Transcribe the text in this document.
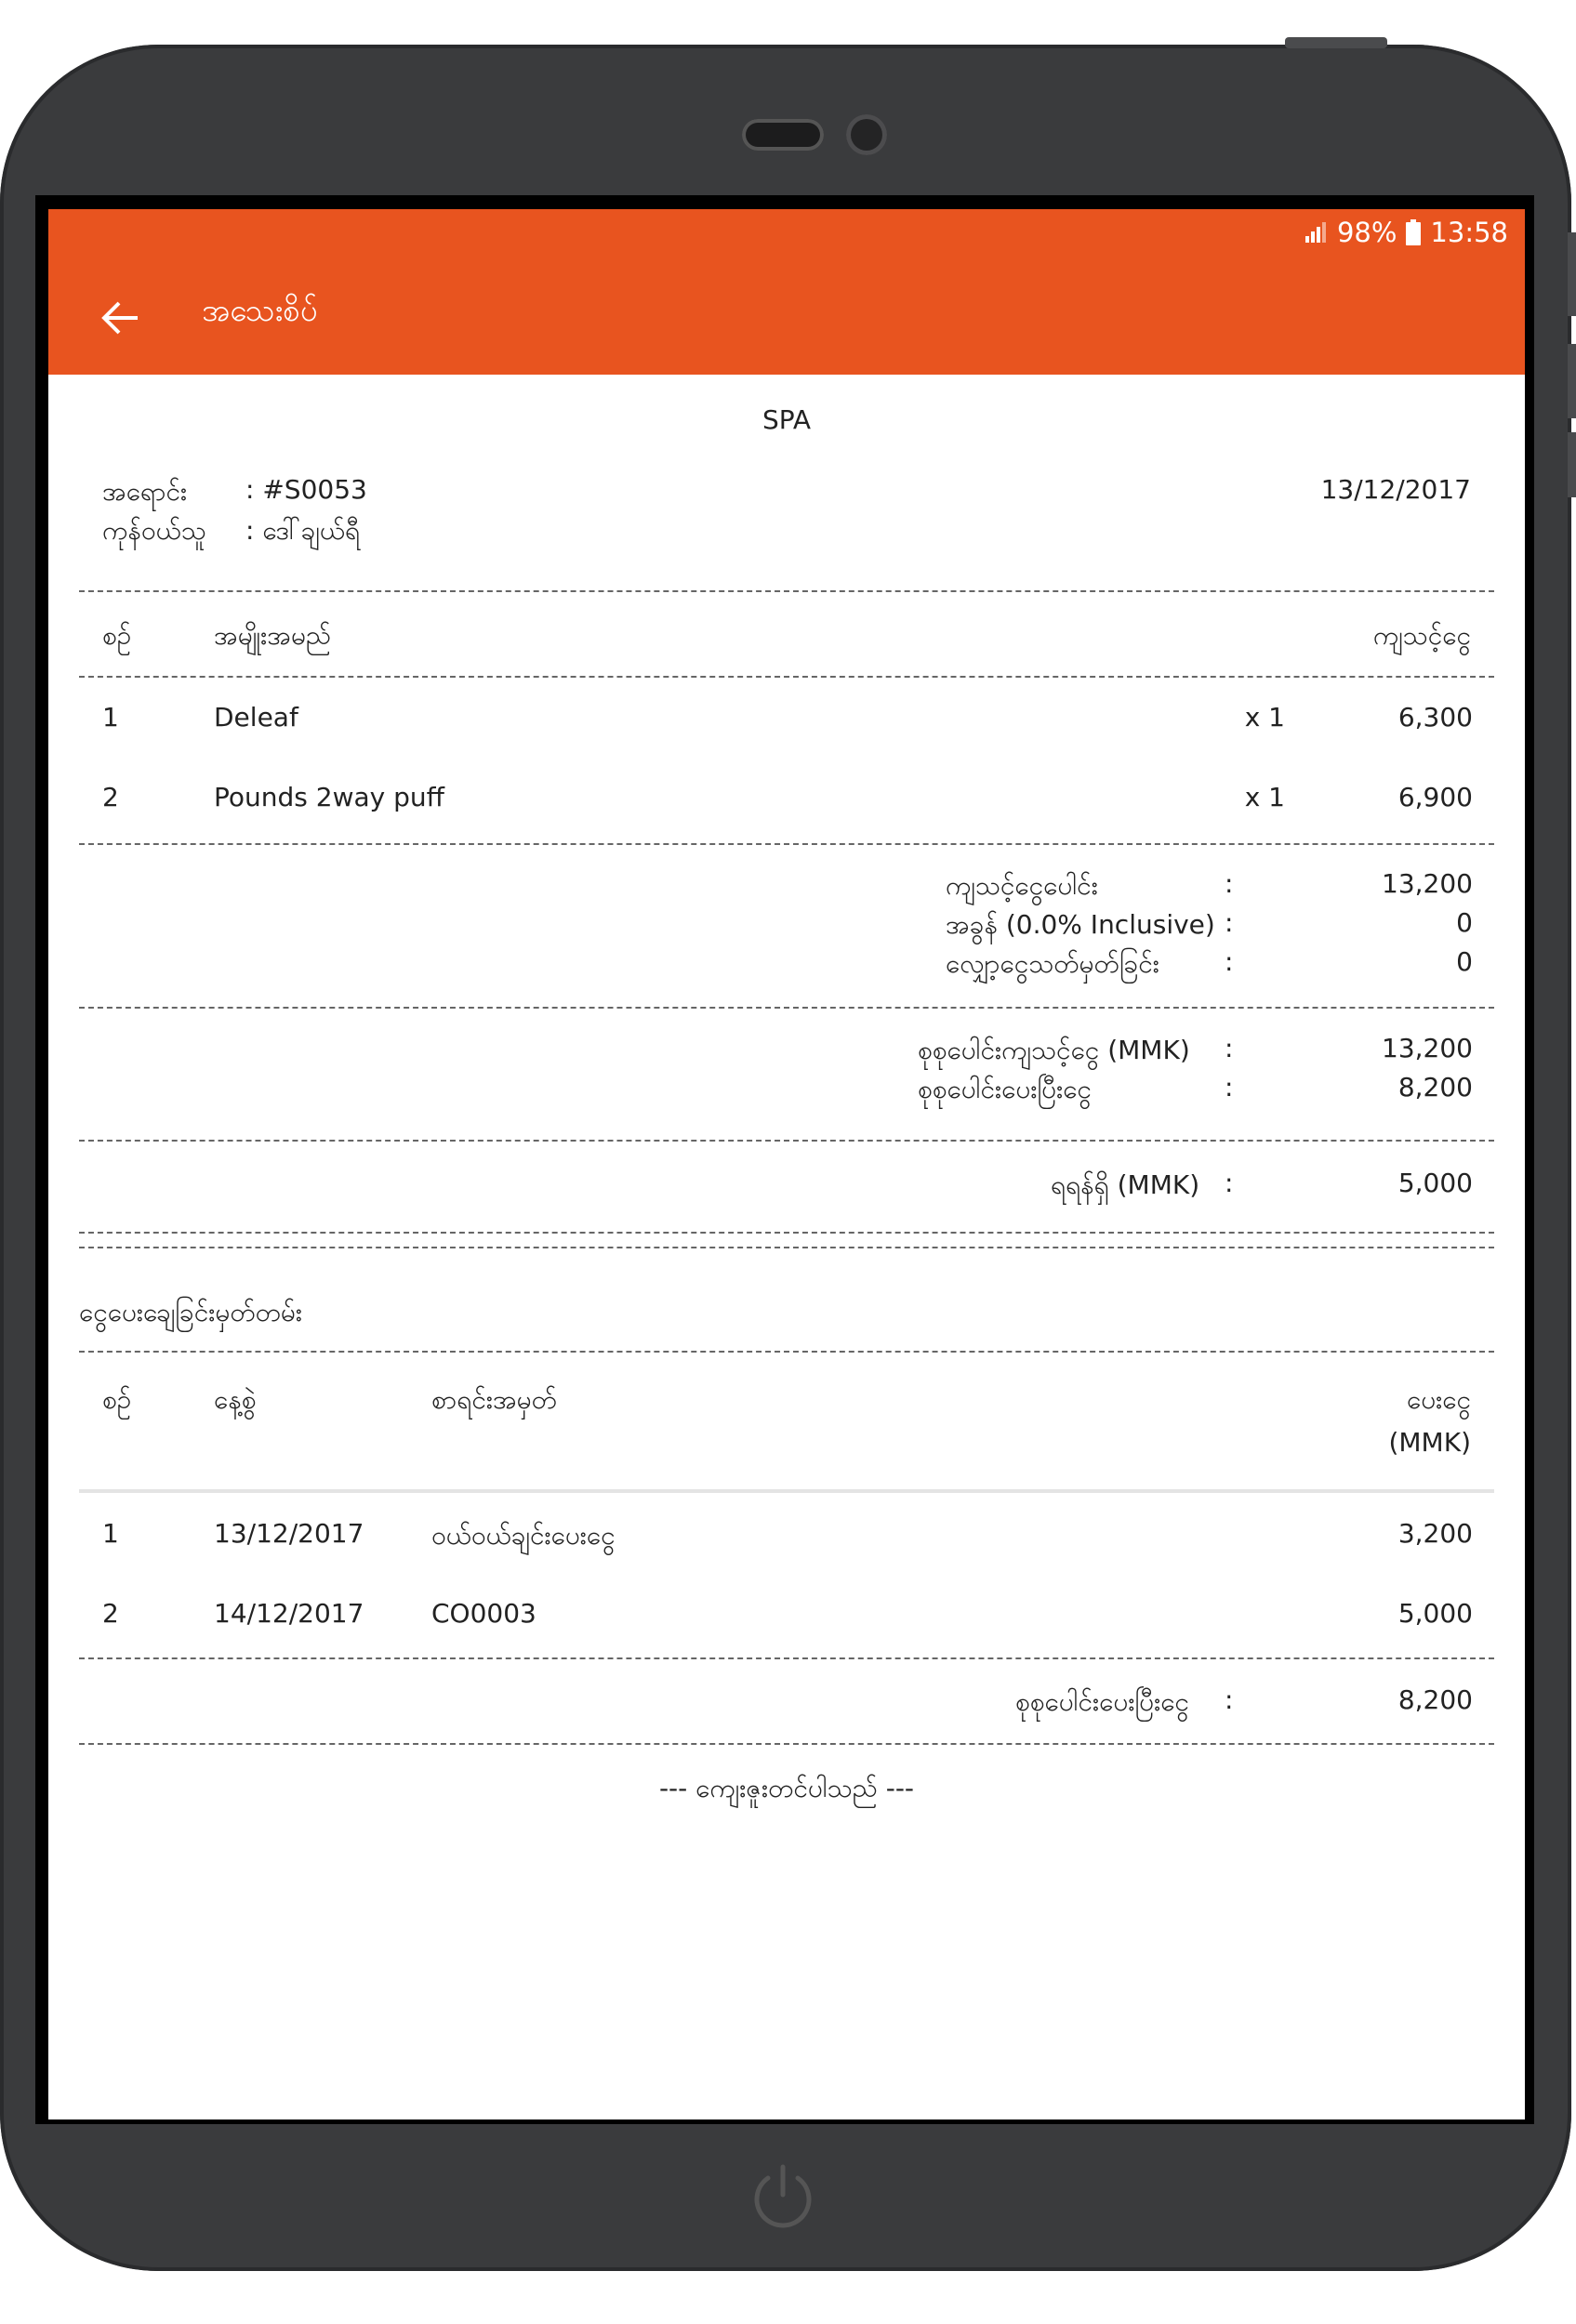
98% 13:58
အသေးစိပ်
SPA
အရောင်း : #S0053
ကုန်ဝယ်သူ : ဒေါ်ချယ်ရီ
13/12/2017
စဥ်	အမျိုးအမည်	ကျသင့်ငွေ
1	Deleaf	x 1	6,300
2	Pounds 2way puff	x 1	6,900
ကျသင့်ငွေပေါင်း	:	13,200
အခွန် (0.0% Inclusive) :	0
လျှော့ငွေသတ်မှတ်ခြင်း	:	0
စုစုပေါင်းကျသင့်ငွေ (MMK) :	13,200
စုစုပေါင်းပေးပြီးငွေ	:	8,200
ရရန်ရှိ (MMK) :	5,000
ငွေပေးချေခြင်းမှတ်တမ်း
စဥ်	နေ့စွဲ	စာရင်းအမှတ်	ပေးငွေ
(MMK)
1	13/12/2017	ဝယ်ဝယ်ချင်းပေးငွေ	3,200
2	14/12/2017	CO0003	5,000
စုစုပေါင်းပေးပြီးငွေ :	8,200
--- ကျေးဇူးတင်ပါသည် ---
